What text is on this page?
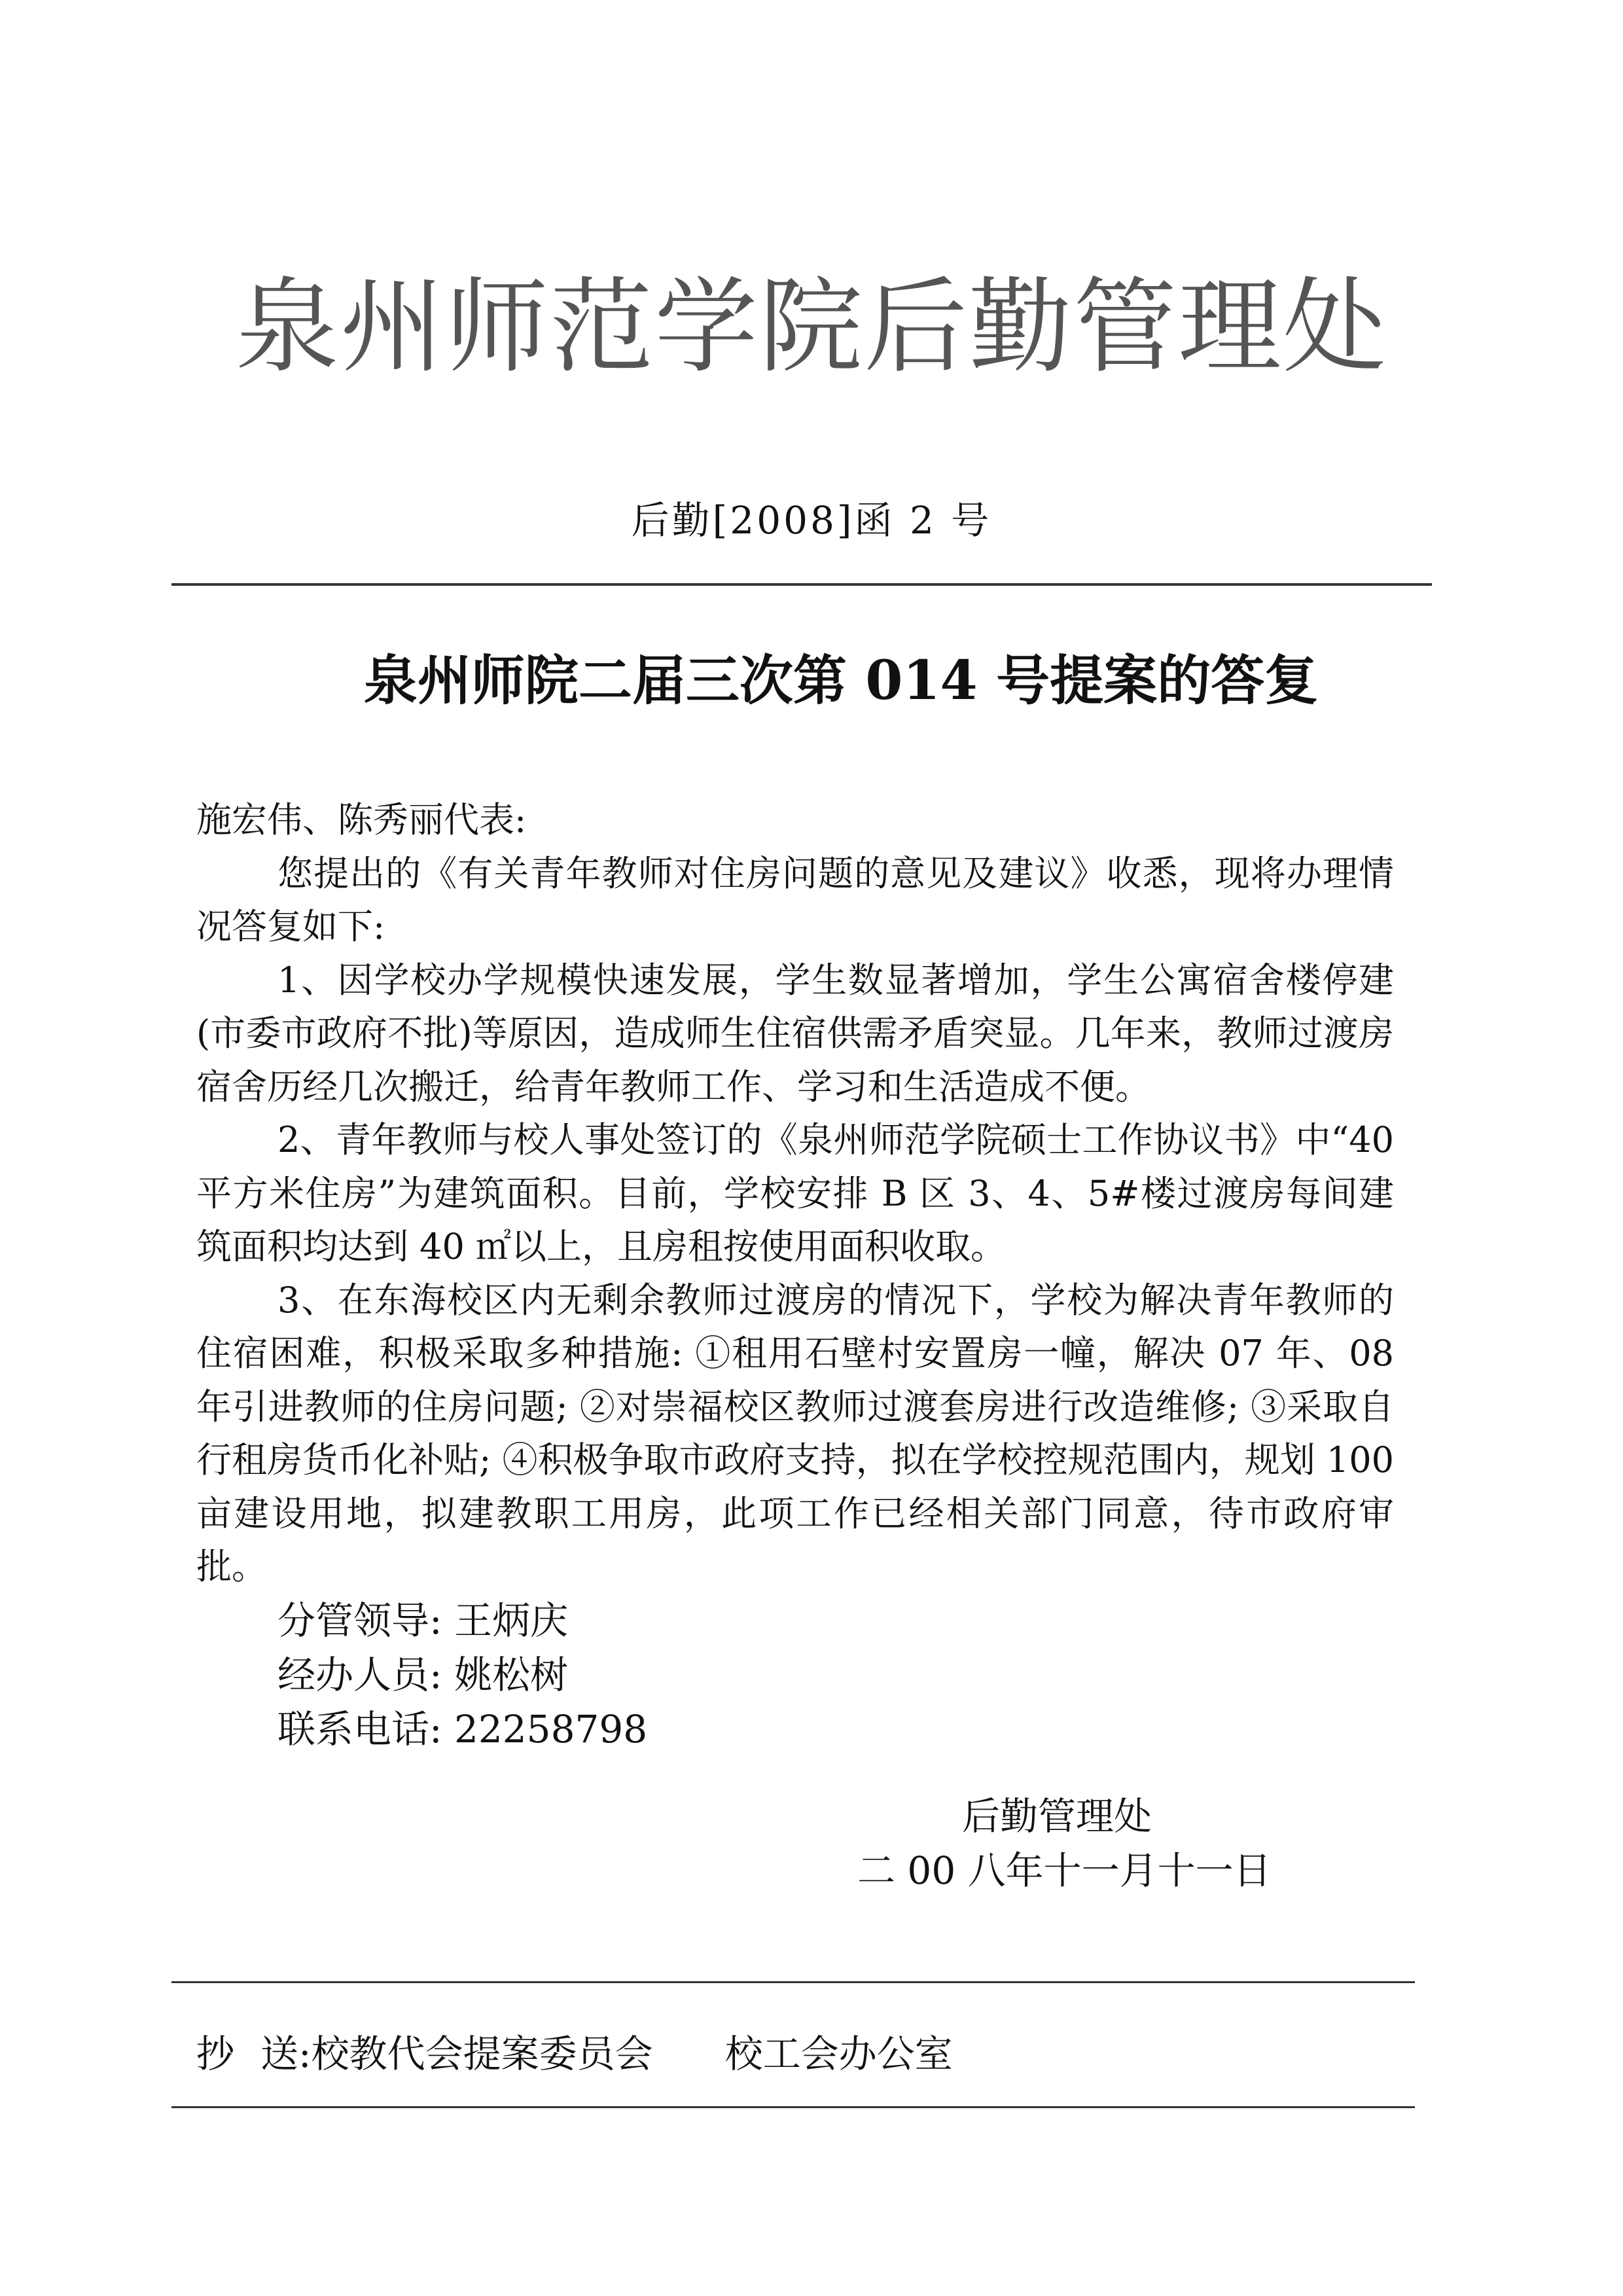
泉州师范学院后勤管理处
后勤[2008]函 2 号
泉州师院二届三次第 014 号提案的答复

施宏伟、陈秀丽代表:

您提出的《有关青年教师对住房问题的意见及建议》收悉，现将办理情况答复如下:

1、因学校办学规模快速发展，学生数显著增加，学生公寓宿舍楼停建(市委市政府不批)等原因，造成师生住宿供需矛盾突显。几年来，教师过渡房宿舍历经几次搬迁，给青年教师工作、学习和生活造成不便。

2、青年教师与校人事处签订的《泉州师范学院硕士工作协议书》中“40 平方米住房”为建筑面积。目前，学校安排 B 区 3、4、5#楼过渡房每间建筑面积均达到 40 ㎡以上，且房租按使用面积收取。

3、在东海校区内无剩余教师过渡房的情况下，学校为解决青年教师的住宿困难，积极采取多种措施: ①租用石壁村安置房一幢，解决 07 年、08 年引进教师的住房问题; ②对崇福校区教师过渡套房进行改造维修; ③采取自行租房货币化补贴; ④积极争取市政府支持，拟在学校控规范围内，规划 100 亩建设用地，拟建教职工用房，此项工作已经相关部门同意，待市政府审批。

分管领导: 王炳庆

经办人员: 姚松树

联系电话: 22258798

后勤管理处
二 00 八年十一月十一日
抄 送:校教代会提案委员会 校工会办公室
